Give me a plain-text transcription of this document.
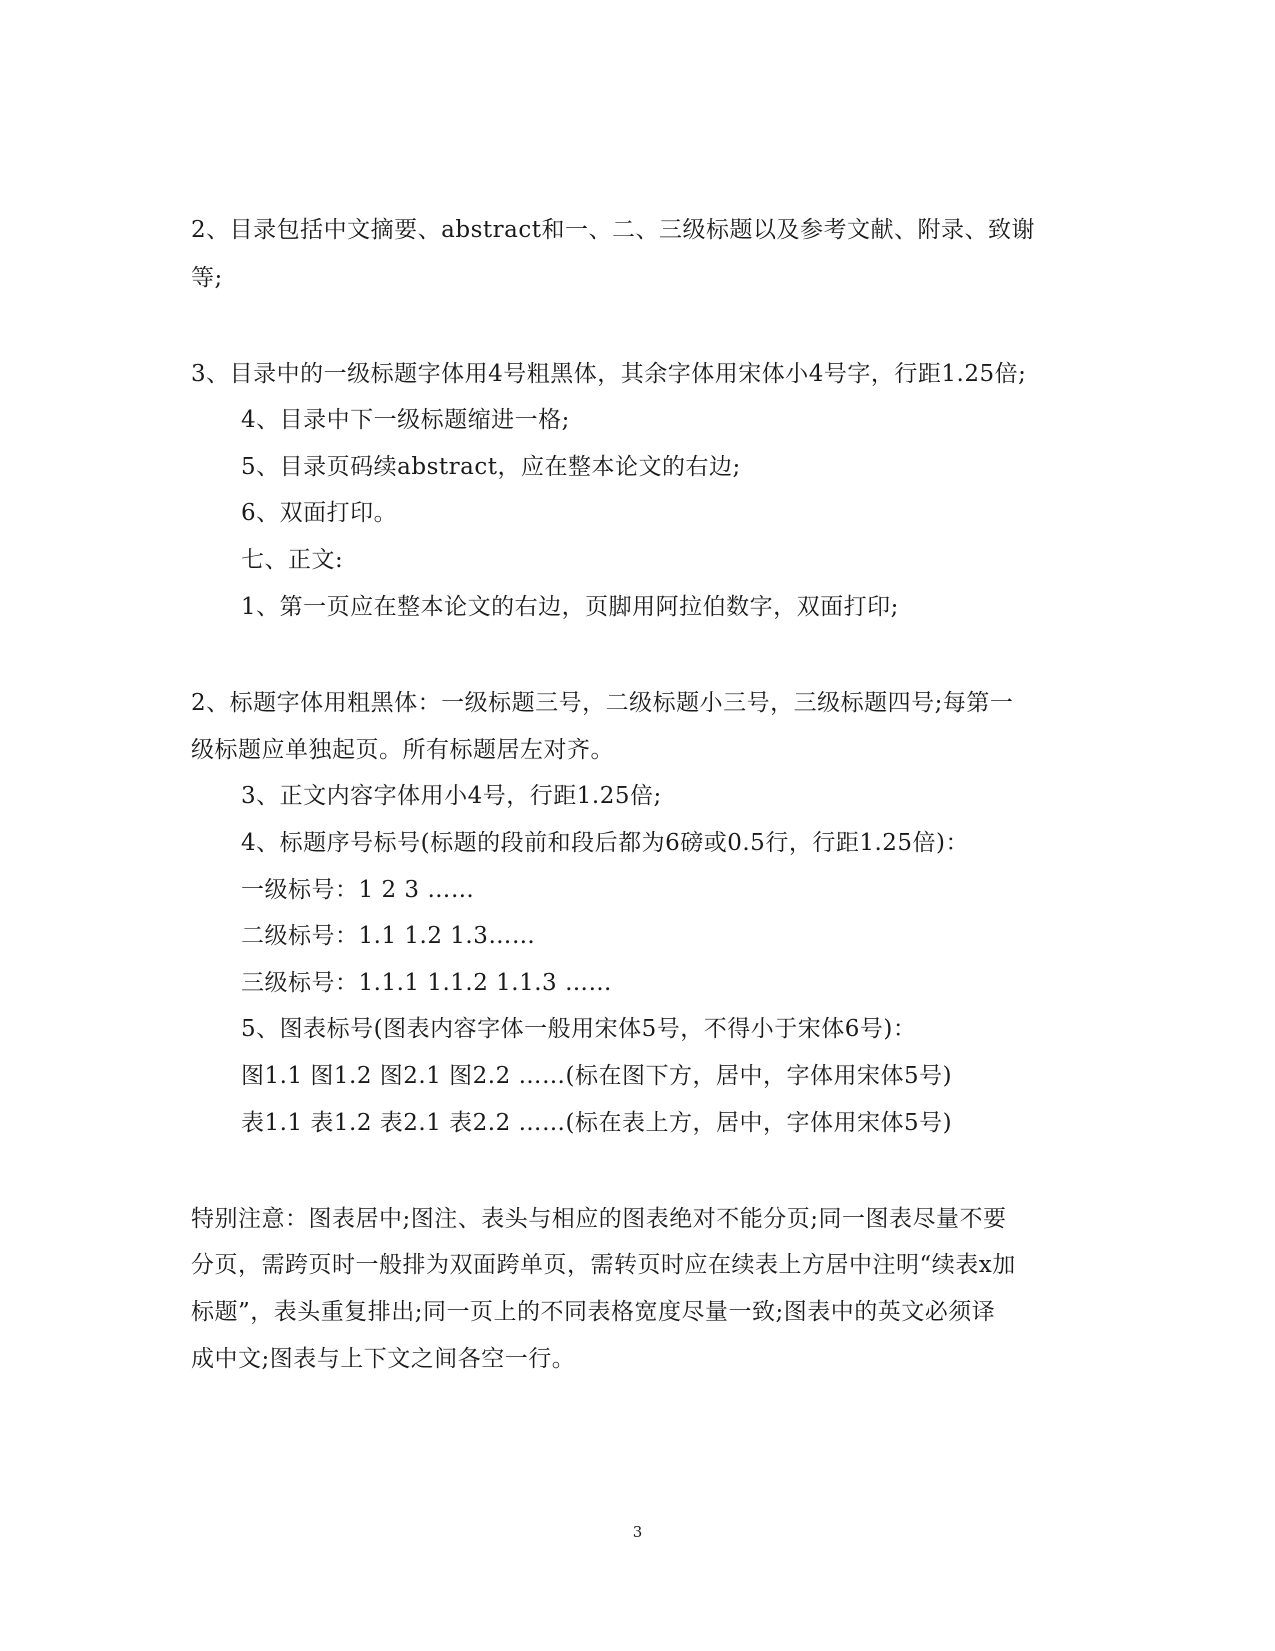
2、目录包括中文摘要、abstract和一、二、三级标题以及参考文献、附录、致谢
等;
3、目录中的一级标题字体用4号粗黑体，其余字体用宋体小4号字，行距1.25倍;
4、目录中下一级标题缩进一格;
5、目录页码续abstract，应在整本论文的右边;
6、双面打印。
七、正文:
1、第一页应在整本论文的右边，页脚用阿拉伯数字，双面打印;
2、标题字体用粗黑体：一级标题三号，二级标题小三号，三级标题四号;每第一
级标题应单独起页。所有标题居左对齐。
3、正文内容字体用小4号，行距1.25倍;
4、标题序号标号(标题的段前和段后都为6磅或0.5行，行距1.25倍)：
一级标号：1 2 3 ……
二级标号：1.1 1.2 1.3……
三级标号：1.1.1 1.1.2 1.1.3 ……
5、图表标号(图表内容字体一般用宋体5号，不得小于宋体6号)：
图1.1 图1.2 图2.1 图2.2 ……(标在图下方，居中，字体用宋体5号)
表1.1 表1.2 表2.1 表2.2 ……(标在表上方，居中，字体用宋体5号)
特别注意：图表居中;图注、表头与相应的图表绝对不能分页;同一图表尽量不要
分页，需跨页时一般排为双面跨单页，需转页时应在续表上方居中注明“续表x加
标题”，表头重复排出;同一页上的不同表格宽度尽量一致;图表中的英文必须译
成中文;图表与上下文之间各空一行。
3
